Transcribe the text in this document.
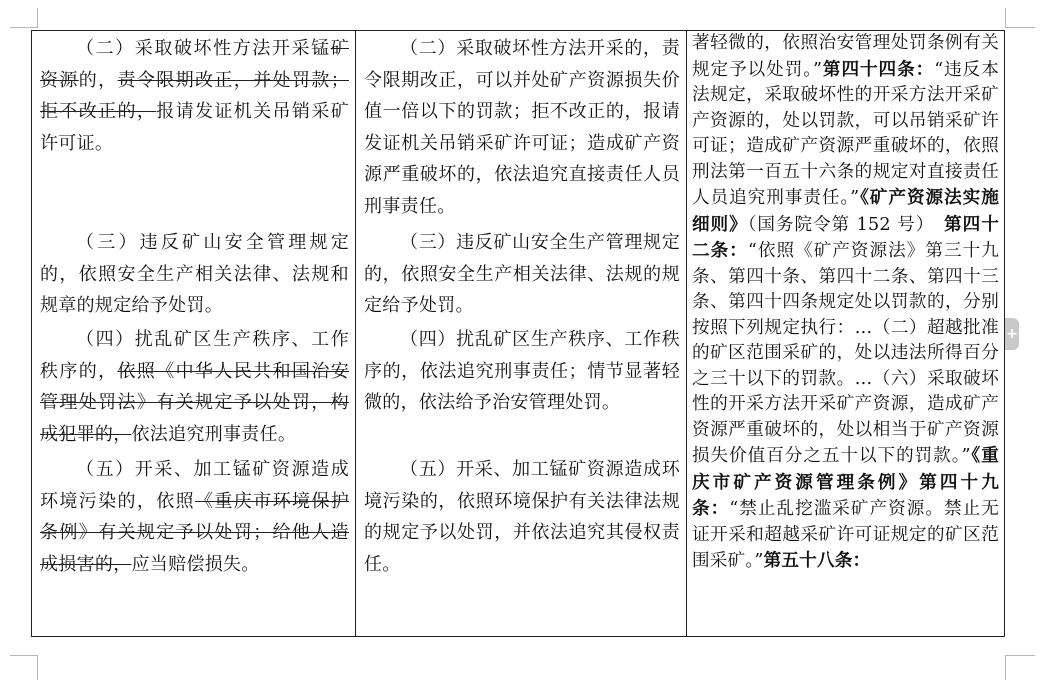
（二）采取破坏性方法开采锰矿资源的，责令限期改正，并处罚款；拒不改正的，报请发证机关吊销采矿许可证。

（三）违反矿山安全管理规定的，依照安全生产相关法律、法规和规章的规定给予处罚。

（四）扰乱矿区生产秩序、工作秩序的，依照《中华人民共和国治安管理处罚法》有关规定予以处罚，构成犯罪的，依法追究刑事责任。

（五）开采、加工锰矿资源造成环境污染的，依照《重庆市环境保护条例》有关规定予以处罚；给他人造成损害的，应当赔偿损失。

（二）采取破坏性方法开采的，责令限期改正，可以并处矿产资源损失价值一倍以下的罚款；拒不改正的，报请发证机关吊销采矿许可证；造成矿产资源严重破坏的，依法追究直接责任人员刑事责任。

（三）违反矿山安全生产管理规定的，依照安全生产相关法律、法规的规定给予处罚。

（四）扰乱矿区生产秩序、工作秩序的，依法追究刑事责任；情节显著轻微的，依法给予治安管理处罚。

（五）开采、加工锰矿资源造成环境污染的，依照环境保护有关法律法规的规定予以处罚，并依法追究其侵权责任。

著轻微的，依照治安管理处罚条例有关规定予以处罚。”第四十四条：“违反本法规定，采取破坏性的开采方法开采矿产资源的，处以罚款，可以吊销采矿许可证；造成矿产资源严重破坏的，依照刑法第一百五十六条的规定对直接责任人员追究刑事责任。”《矿产资源法实施细则》（国务院令第 152 号）　第四十二条：“依照《矿产资源法》第三十九条、第四十条、第四十二条、第四十三条、第四十四条规定处以罚款的，分别按照下列规定执行：…（二）超越批准的矿区范围采矿的，处以违法所得百分之三十以下的罚款。…（六）采取破坏性的开采方法开采矿产资源，造成矿产资源严重破坏的，处以相当于矿产资源损失价值百分之五十以下的罚款。”《重庆市矿产资源管理条例》第四十九条：“禁止乱挖滥采矿产资源。禁止无证开采和超越采矿许可证规定的矿区范围采矿。”第五十八条：

+
